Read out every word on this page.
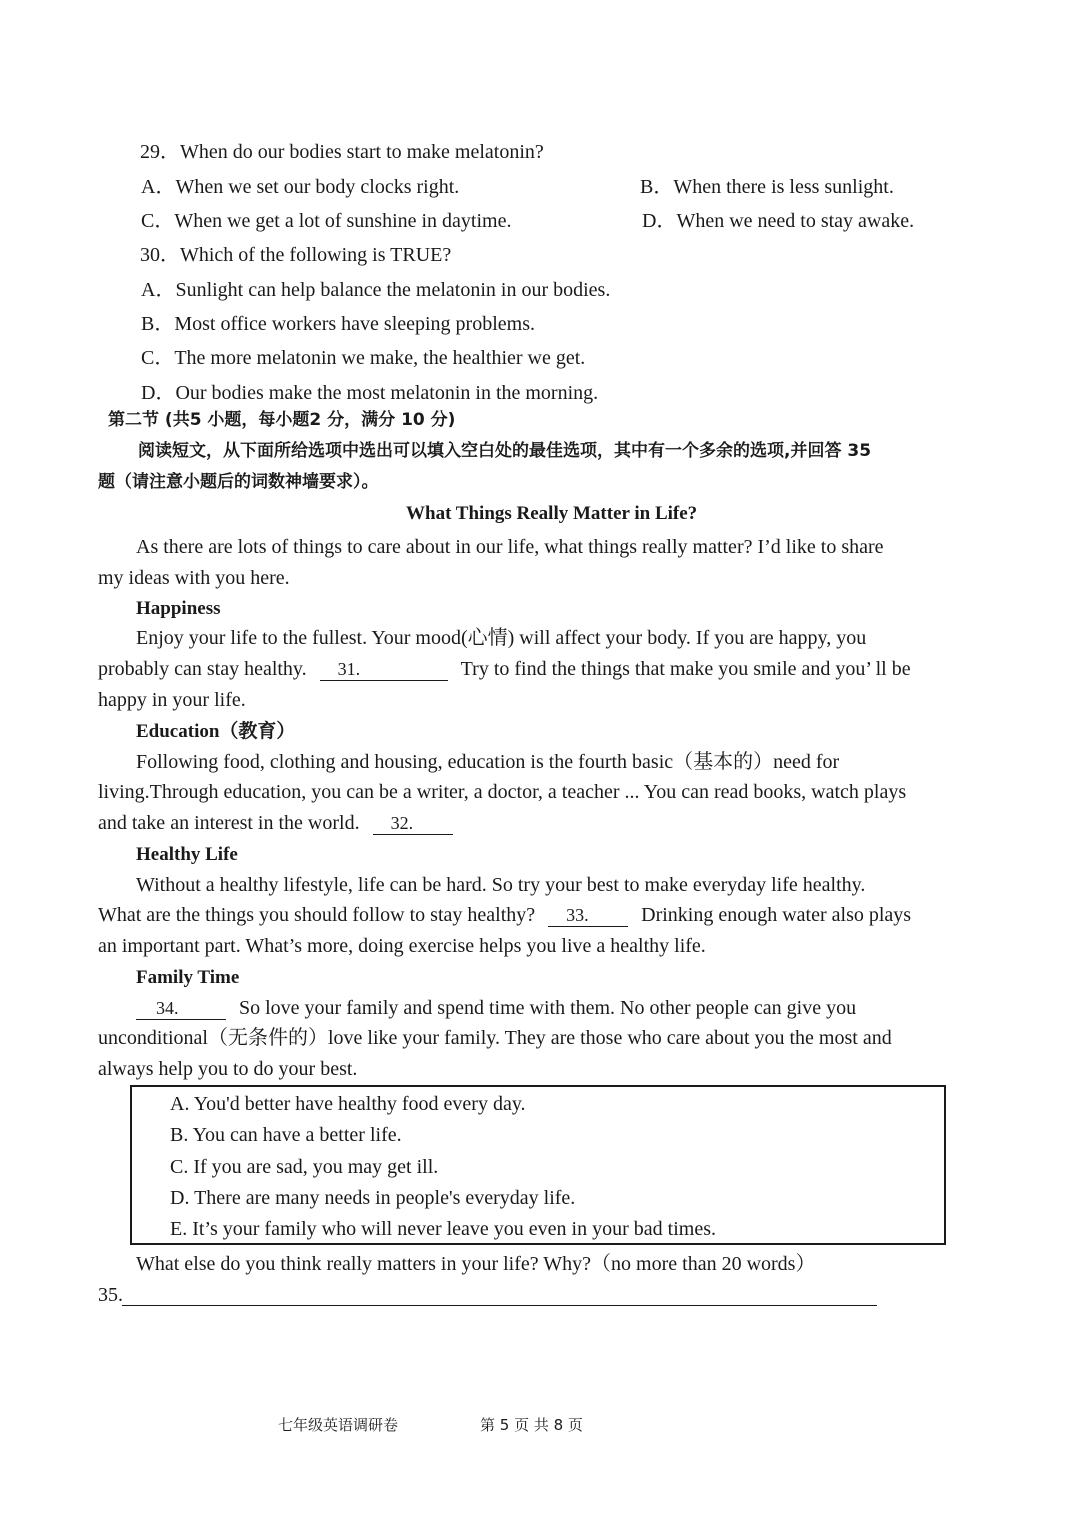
29．When do our bodies start to make melatonin?
A．When we set our body clocks right.	B．When there is less sunlight.
C．When we get a lot of sunshine in daytime.	D．When we need to stay awake.
30．Which of the following is TRUE?
A．Sunlight can help balance the melatonin in our bodies.
B．Most office workers have sleeping problems.
C．The more melatonin we make, the healthier we get.
D．Our bodies make the most melatonin in the morning.
第二节 (共5 小题，每小题2 分，满分 10 分)
阅读短文，从下面所给选项中选出可以填入空白处的最佳选项，其中有一个多余的选项,并回答 35
题（请注意小题后的词数神墙要求）。
What Things Really Matter in Life?
As there are lots of things to care about in our life, what things really matter? I’d like to share
my ideas with you here.
Happiness
Enjoy your life to the fullest. Your mood(心情) will affect your body. If you are happy, you
probably can stay healthy. 31.	Try to find the things that make you smile and you’ ll be
happy in your life.
Education（教育）
Following food, clothing and housing, education is the fourth basic（基本的）need for
living.Through education, you can be a writer, a doctor, a teacher ... You can read books, watch plays
and take an interest in the world. 32.
Healthy Life
Without a healthy lifestyle, life can be hard. So try your best to make everyday life healthy.
What are the things you should follow to stay healthy? 33.	Drinking enough water also plays
an important part. What’s more, doing exercise helps you live a healthy life.
Family Time
34.	So love your family and spend time with them. No other people can give you
unconditional（无条件的）love like your family. They are those who care about you the most and
always help you to do your best.
A. You'd better have healthy food every day.
B. You can have a better life.
C. If you are sad, you may get ill.
D. There are many needs in people's everyday life.
E. It’s your family who will never leave you even in your bad times.
What else do you think really matters in your life? Why?（no more than 20 words）
35.
七年级英语调研卷	第 5 页 共 8 页
